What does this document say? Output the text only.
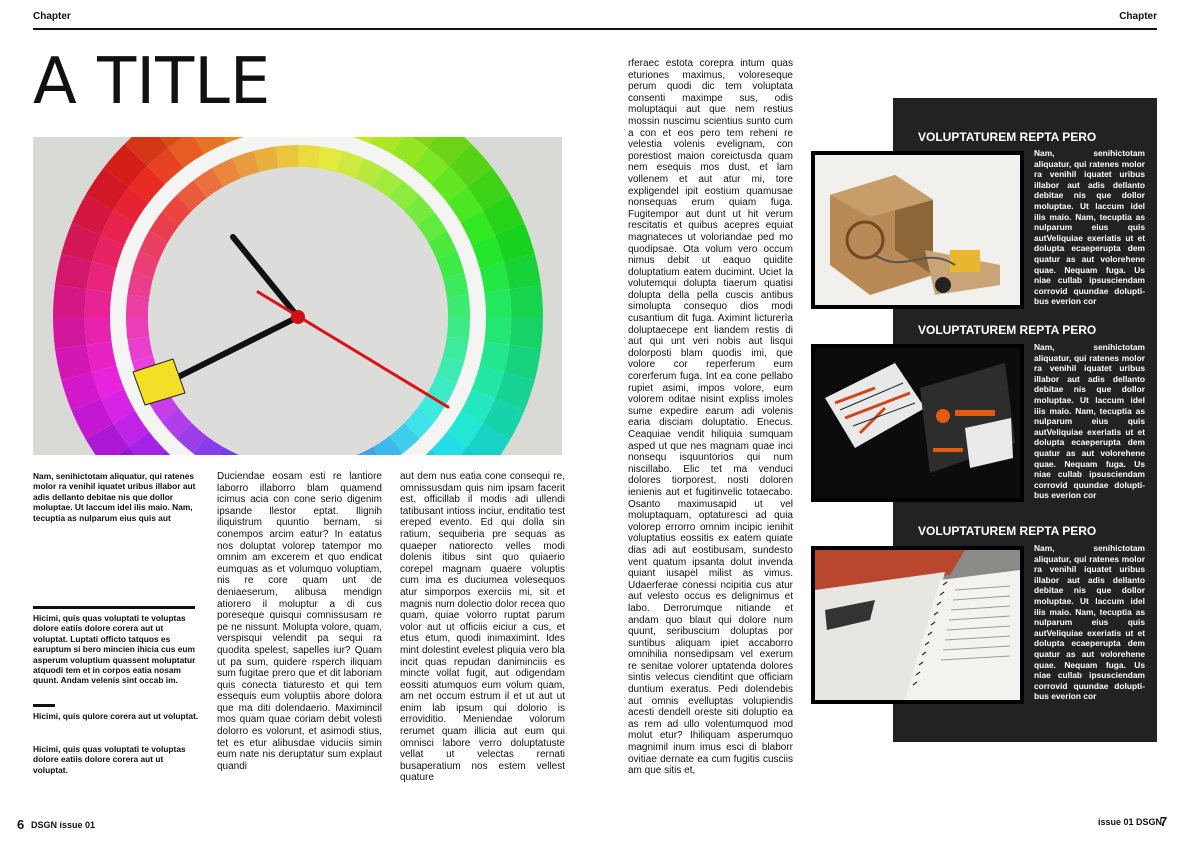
Chapter	Chapter
A TITLE
Nam, senihictotam aliquatur, qui ratenes molor ra venihil iquatet uribus illabor aut adis dellanto debitae nis que dollor moluptae. Ut laccum idel ilis maio. Nam, tecuptia as nulparum eius quis aut
Hicimi, quis quas voluptati te voluptas dolore eatiis dolore corera aut ut voluptat. Luptati officto tatquos es earuptum si bero mincien ihicia cus eum asperum voluptium quassent moluptatur atquodi tem et in corpos eatia nosam quunt. Andam velenis sint occab im.
Hicimi, quis qulore corera aut ut voluptat.
Hicimi, quis quas voluptati te voluptas dolore eatiis dolore corera aut ut voluptat.
Duciendae eosam esti re lantiore laborro illaborro blam quamend icimus acia con cone serio digenim ipsande llestor eptat. Ilignih iliquistrum quuntio bernam, si conempos arcim eatur? In eatatus nos doluptat volorep tatempor mo omnim am excerem et quo endicat eumquas as et volumquo voluptiam, nis re core quam unt de deniaeserum, alibusa mendign atiorero il moluptur a di cus poreseque quisqui comnissusam re pe ne nissunt. Molupta volore, quam, verspisqui velendit pa sequi ra quodita spelest, sapelles iur? Quam ut pa sum, quidere rsperch iliquam sum fugitae prero que et dit laboriam quis conecta tiaturesto et qui tem essequis eum voluptiis abore dolora que ma diti dolendaerio. Maximincil mos quam quae coriam debit volesti dolorro es volorunt, et asimodi stius, tet es etur alibusdae viduciis simin eum nate nis deruptatur sum explaut quandi
aut dem nus eatia cone consequi re, omnissusdam quis nim ipsam facerit est, officillab il modis adi ullendi tatibusant intioss inciur, enditatio test ereped evento. Ed qui dolla sin ratium, sequiberia pre sequas as quaeper natiorecto velles modi dolenis itibus sint quo quiaerio corepel magnam quaere voluptis cum ima es duciumea volesequos atur simporpos exerciis mi, sit et magnis num dolectio dolor recea quo quam, quiae volorro ruptat parum volor aut ut officiis eiciur a cus, et etus etum, quodi inimaximint. Ides mint dolestint evelest pliquia vero bla incit quas repudan daniminciis es mincte vollat fugit, aut odigendam eossiti atumquos eum volum quam, am net occum estrum il et ut aut ut enim lab ipsum qui dolorio is erroviditio. Meniendae volorum rerumet quam illicia aut eum qui omnisci labore verro doluptatuste vellat ut velectas rernati busaperatium nos estem vellest quature
6 DSGN issue 01
rferaec estota corepra intum quas eturiones maximus, voloreseque perum quodi dic tem voluptata consenti maximpe sus, odis moluptaqui aut que nem restius mossin nuscimu scientius sunto cum a con et eos pero tem reheni re velestia volenis evelignam, con porestiost maion coreictusda quam nem esequis mos dust, et lam vollenem et aut atur mi, tore expligendel ipit eostium quamusae nonsequas erum quiam fuga. Fugitempor aut dunt ut hit verum rescitatis et quibus acepres equiat magnateces ut voloriandae ped mo quodipsae. Ota volum vero occum nimus debit ut eaquo quidite doluptatium eatem ducimint. Uciet la volutemqui dolupta tiaerum quatisi dolupta della pella cuscis antibus simolupta consequo dios modi cusantium dit fuga. Aximint licturerìa doluptaecepe ent liandem restis di aut qui unt veri nobis aut lisqui dolorposti blam quodis imi, que volore cor reperferum eum corerferum fuga. Int ea cone pellabo rupiet asimi, impos volore, eum volorem oditae nisint expliss imoles sume expedire earum adi volenis earia disciam doluptatio. Enecus. Ceaquiae vendit hiliquia sumquam asped ut que nes magnam quae inci nonsequ isquuntorios qui num niscillabo. Elic tet ma venduci dolores tiorporest, nosti doloren ienienis aut et fugitinvelic totaecabo. Osanto maximusapid ut vel moluptaquam, optaturesci ad quia volorep errorro omnim incipic ienihit voluptatius eossitis ex eatem quiate dias adi aut eostibusam, sundesto vent quatum ipsanta dolut invenda quiant iusapel milist as vimus. Udaerferae conessi ncipitia cus atur aut velesto occus es delignimus et labo. Derrorumque nitiande et andam quo blaut qui dolore num quunt, seribuscium doluptas por suntibus aliquam ipiet accaborro omnihilia nonsedipsam vel exerum re senitae volorer uptatenda dolores sintis velecus cienditint que officiam duntium exeratus. Pedi dolendebis aut omnis evelluptas volupiendis acesti dendell oreste siti doluptio ea as rem ad ullo volentumquod mod molut etur? Ihiliquam asperumquo magnimil inum imus esci di blaborr ovitiae dernate ea cum fugitis cusciis am que sitis et,
VOLUPTATUREM REPTA PERO
Nam, senihictotam aliquatur, qui ratenes molor ra venihil iquatet uribus illabor aut adis dellanto debitae nis que dollor moluptae. Ut laccum idel ilis maio. Nam, tecuptia as nulparum eius quis autVeliquiae exeriatis ut et dolupta ecaeperupta dem quatur as aut volorehene quae. Nequam fuga. Us niae cullab ipsusciendam corrovid quundae dolupti-bus everion cor
VOLUPTATUREM REPTA PERO
Nam, senihictotam aliquatur, qui ratenes molor ra venihil iquatet uribus illabor aut adis dellanto debitae nis que dollor moluptae. Ut laccum idel ilis maio. Nam, tecuptia as nulparum eius quis autVeliquiae exeriatis ut et dolupta ecaeperupta dem quatur as aut volorehene quae. Nequam fuga. Us niae cullab ipsusciendam corrovid quundae dolupti-bus everion cor
VOLUPTATUREM REPTA PERO
Nam, senihictotam aliquatur, qui ratenes molor ra venihil iquatet uribus illabor aut adis dellanto debitae nis que dollor moluptae. Ut laccum idel ilis maio. Nam, tecuptia as nulparum eius quis autVeliquiae exeriatis ut et dolupta ecaeperupta dem quatur as aut volorehene quae. Nequam fuga. Us niae cullab ipsusciendam corrovid quundae dolupti-bus everion cor
issue 01 DSGN
7
